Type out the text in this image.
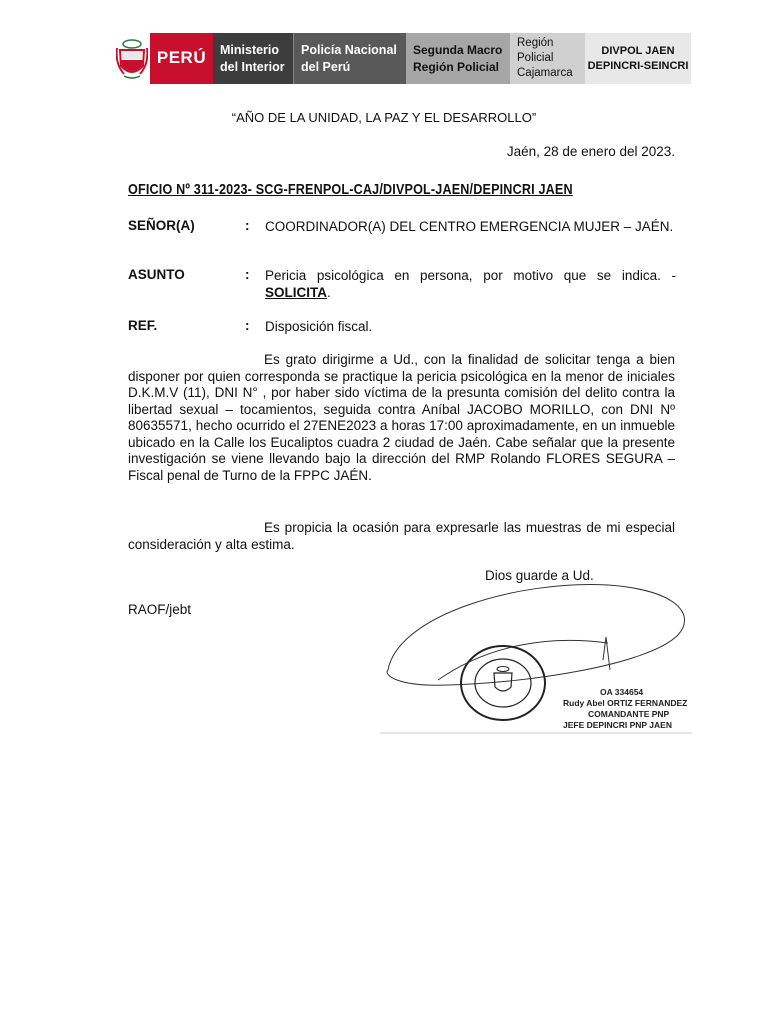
PERÚ Ministerio
del Interior
Policía Nacional
del Perú
Segunda Macro
Región Policial
Región
Policial
Cajamarca
DIVPOL JAEN
DEPINCRI-SEINCRI
“AÑO DE LA UNIDAD, LA PAZ Y EL DESARROLLO”
Jaén, 28 de enero del 2023.
OFICIO Nº 311-2023- SCG-FRENPOL-CAJ/DIVPOL-JAEN/DEPINCRI JAEN
SEÑOR(A)	: COORDINADOR(A) DEL CENTRO EMERGENCIA MUJER – JAÉN.
ASUNTO	: Pericia psicológica en persona, por motivo que se indica. - SOLICITA.
REF.	: Disposición fiscal.
Es grato dirigirme a Ud., con la finalidad de solicitar tenga a bien disponer por quien corresponda se practique la pericia psicológica en la menor de iniciales D.K.M.V (11), DNI N° , por haber sido víctima de la presunta comisión del delito contra la libertad sexual – tocamientos, seguida contra Aníbal JACOBO MORILLO, con DNI Nº 80635571, hecho ocurrido el 27ENE2023 a horas 17:00 aproximadamente, en un inmueble ubicado en la Calle los Eucaliptos cuadra 2 ciudad de Jaén. Cabe señalar que la presente investigación se viene llevando bajo la dirección del RMP Rolando FLORES SEGURA – Fiscal penal de Turno de la FPPC JAÉN.
Es propicia la ocasión para expresarle las muestras de mi especial consideración y alta estima.
Dios guarde a Ud.
RAOF/jebt
OA 334654
Rudy Abel ORTIZ FERNANDEZ
COMANDANTE PNP
JEFE DEPINCRI PNP JAEN
